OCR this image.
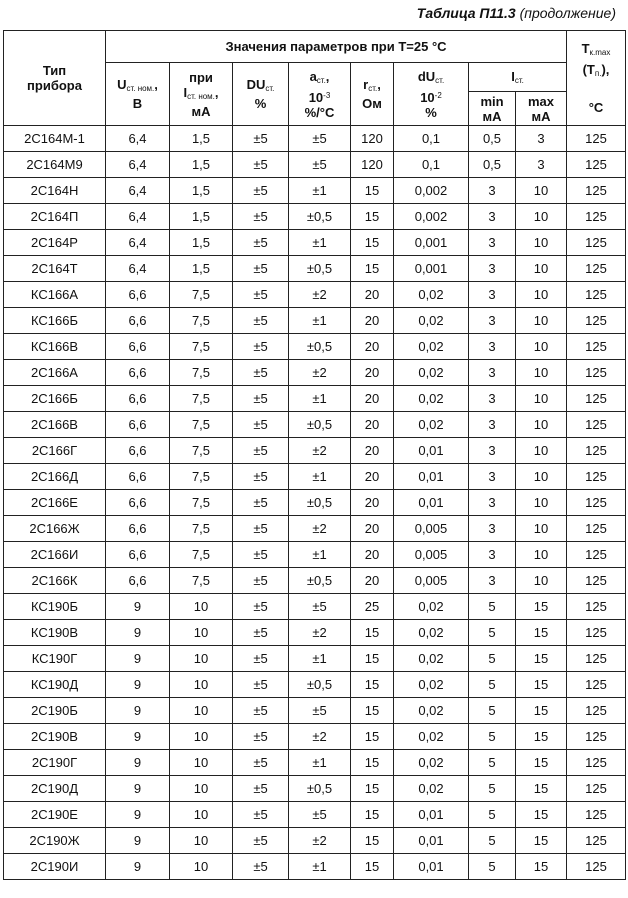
Таблица П11.3 (продолжение)
Тип
прибора	Значения параметров при T=25 °С								$T_{к.max}$
$(T_{п.})$,

°С
	$U_{ст. ном.}$,
В	при
$I_{ст. ном.}$,
мА	$DU_{ст.}$
%	$a_{ст.}$,
$10^{-3}$
%/°С	$r_{ст.}$,
Ом	$dU_{ст.}$
$10^{-2}$
%	$I_{ст.}$
							min
мА	max
мА	
2С164М-1	6,4	1,5	±5	±5	120	0,1	0,5	3	125
2С164М9	6,4	1,5	±5	±5	120	0,1	0,5	3	125
2С164Н	6,4	1,5	±5	±1	15	0,002	3	10	125
2С164П	6,4	1,5	±5	±0,5	15	0,002	3	10	125
2С164Р	6,4	1,5	±5	±1	15	0,001	3	10	125
2С164Т	6,4	1,5	±5	±0,5	15	0,001	3	10	125
КС166А	6,6	7,5	±5	±2	20	0,02	3	10	125
КС166Б	6,6	7,5	±5	±1	20	0,02	3	10	125
КС166В	6,6	7,5	±5	±0,5	20	0,02	3	10	125
2С166А	6,6	7,5	±5	±2	20	0,02	3	10	125
2С166Б	6,6	7,5	±5	±1	20	0,02	3	10	125
2С166В	6,6	7,5	±5	±0,5	20	0,02	3	10	125
2С166Г	6,6	7,5	±5	±2	20	0,01	3	10	125
2С166Д	6,6	7,5	±5	±1	20	0,01	3	10	125
2С166Е	6,6	7,5	±5	±0,5	20	0,01	3	10	125
2С166Ж	6,6	7,5	±5	±2	20	0,005	3	10	125
2С166И	6,6	7,5	±5	±1	20	0,005	3	10	125
2С166К	6,6	7,5	±5	±0,5	20	0,005	3	10	125
КС190Б	9	10	±5	±5	25	0,02	5	15	125
КС190В	9	10	±5	±2	15	0,02	5	15	125
КС190Г	9	10	±5	±1	15	0,02	5	15	125
КС190Д	9	10	±5	±0,5	15	0,02	5	15	125
2С190Б	9	10	±5	±5	15	0,02	5	15	125
2С190В	9	10	±5	±2	15	0,02	5	15	125
2С190Г	9	10	±5	±1	15	0,02	5	15	125
2С190Д	9	10	±5	±0,5	15	0,02	5	15	125
2С190Е	9	10	±5	±5	15	0,01	5	15	125
2С190Ж	9	10	±5	±2	15	0,01	5	15	125
2С190И	9	10	±5	±1	15	0,01	5	15	125
